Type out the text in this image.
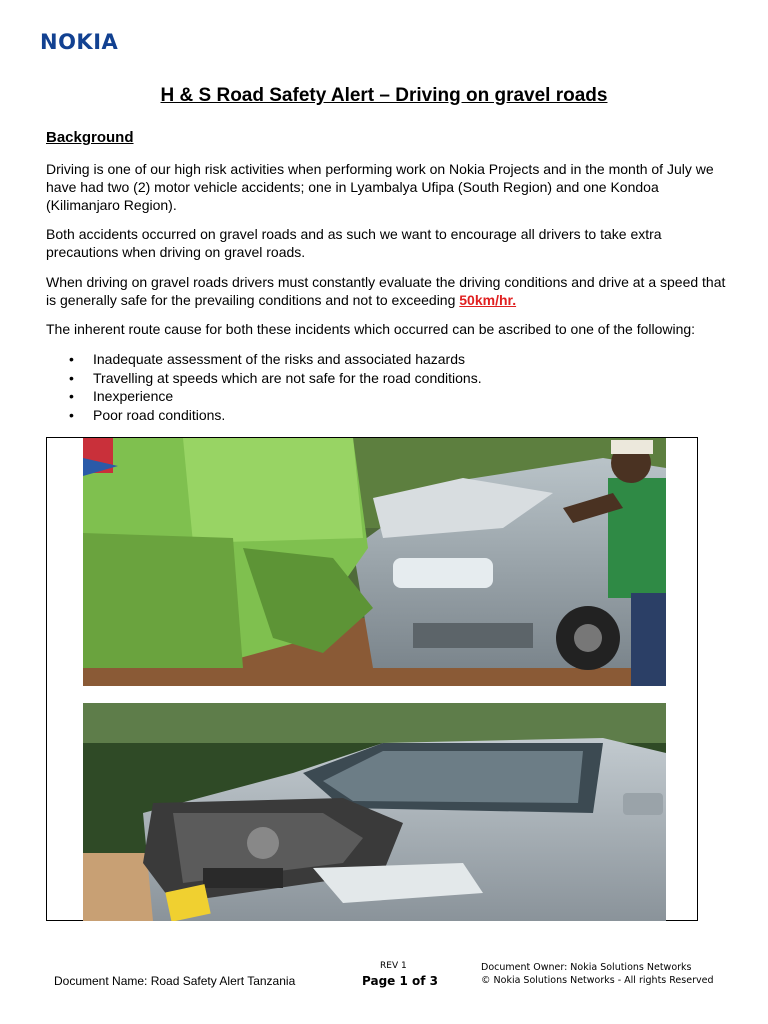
NOKIA
H & S Road Safety Alert – Driving on gravel roads
Background
Driving is one of our high risk activities when performing work on Nokia Projects and in the month of July we have had two (2) motor vehicle accidents; one in Lyambalya Ufipa (South Region) and one Kondoa (Kilimanjaro Region).
Both accidents occurred on gravel roads and as such we want to encourage all drivers to take extra precautions when driving on gravel roads.
When driving on gravel roads drivers must constantly evaluate the driving conditions and drive at a speed that is generally safe for the prevailing conditions and not to exceeding 50km/hr.
The inherent route cause for both these incidents which occurred can be ascribed to one of the following:
• Inadequate assessment of the risks and associated hazards
• Travelling at speeds which are not safe for the road conditions.
• Inexperience
• Poor road conditions.
Document Name: Road Safety Alert Tanzania
REV 1
Page 1 of 3
Document Owner: Nokia Solutions Networks
© Nokia Solutions Networks - All rights Reserved
